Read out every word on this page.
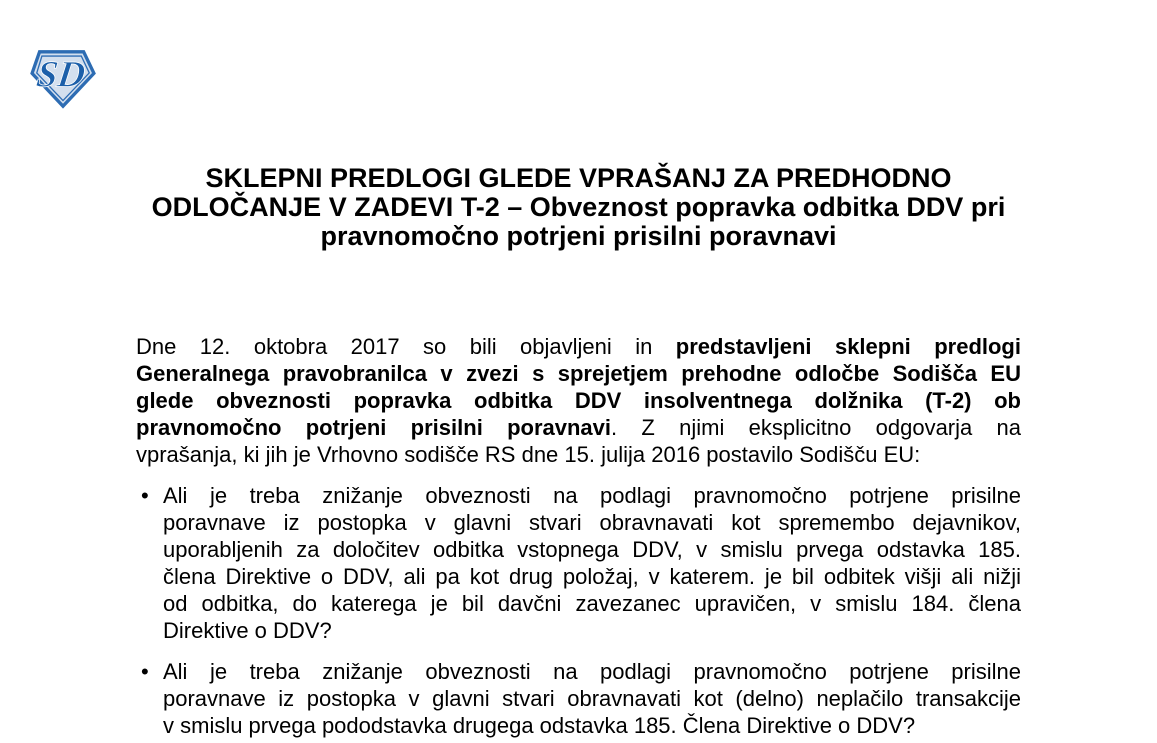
SD
SKLEPNI PREDLOGI GLEDE VPRAŠANJ ZA PREDHODNO
ODLOČANJE V ZADEVI T-2 – Obveznost popravka odbitka DDV pri
pravnomočno potrjeni prisilni poravnavi
Dne 12. oktobra 2017 so bili objavljeni in predstavljeni sklepni predlogi
Generalnega pravobranilca v zvezi s sprejetjem prehodne odločbe Sodišča EU
glede obveznosti popravka odbitka DDV insolventnega dolžnika (T-2) ob
pravnomočno potrjeni prisilni poravnavi. Z njimi eksplicitno odgovarja na
vprašanja, ki jih je Vrhovno sodišče RS dne 15. julija 2016 postavilo Sodišču EU:
• Ali je treba znižanje obveznosti na podlagi pravnomočno potrjene prisilne
poravnave iz postopka v glavni stvari obravnavati kot spremembo dejavnikov,
uporabljenih za določitev odbitka vstopnega DDV, v smislu prvega odstavka 185.
člena Direktive o DDV, ali pa kot drug položaj, v katerem. je bil odbitek višji ali nižji
od odbitka, do katerega je bil davčni zavezanec upravičen, v smislu 184. člena
Direktive o DDV?
• Ali je treba znižanje obveznosti na podlagi pravnomočno potrjene prisilne
poravnave iz postopka v glavni stvari obravnavati kot (delno) neplačilo transakcije
v smislu prvega pododstavka drugega odstavka 185. Člena Direktive o DDV?
